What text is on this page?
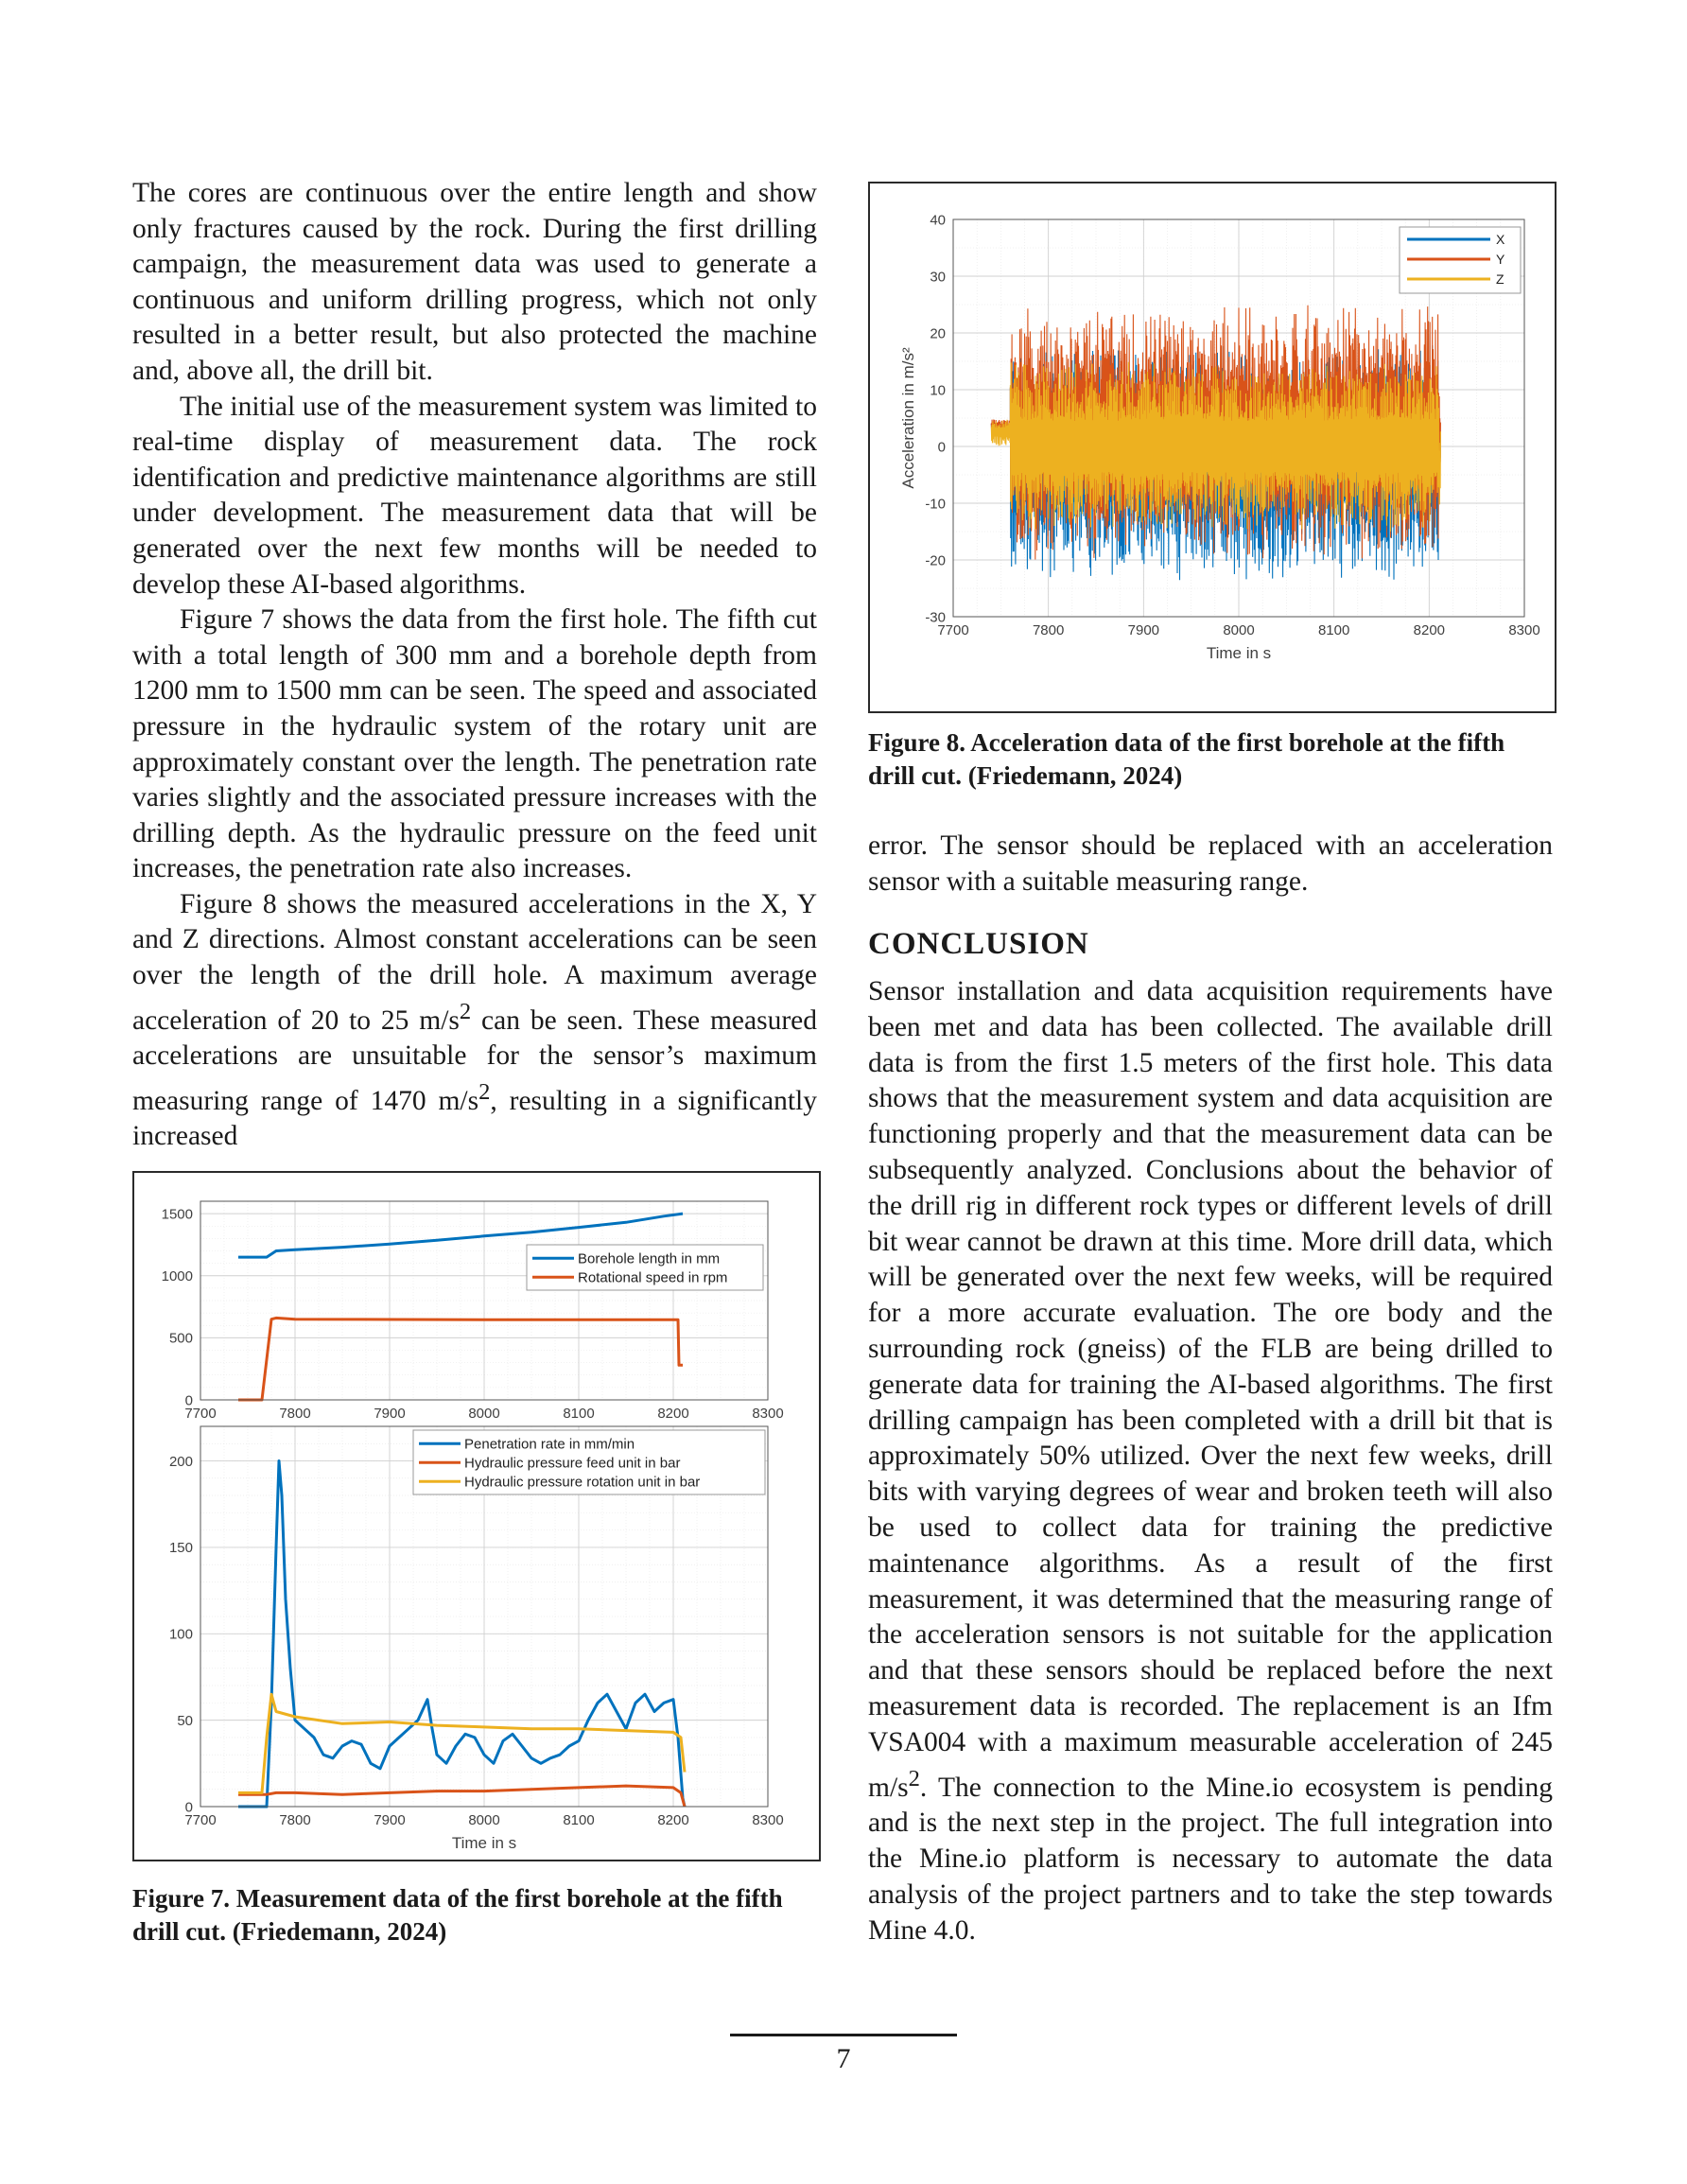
The cores are continuous over the entire length and show only fractures caused by the rock. During the first drilling campaign, the measurement data was used to generate a continuous and uniform drilling progress, which not only resulted in a better result, but also protected the machine and, above all, the drill bit.

The initial use of the measurement system was limited to real-time display of measurement data. The rock identification and predictive maintenance algorithms are still under development. The measurement data that will be generated over the next few months will be needed to develop these AI-based algorithms.

Figure 7 shows the data from the first hole. The fifth cut with a total length of 300 mm and a borehole depth from 1200 mm to 1500 mm can be seen. The speed and associated pressure in the hydraulic system of the rotary unit are approximately constant over the length. The penetration rate varies slightly and the associated pressure increases with the drilling depth. As the hydraulic pressure on the feed unit increases, the penetration rate also increases.

Figure 8 shows the measured accelerations in the X, Y and Z directions. Almost constant accelerations can be seen over the length of the drill hole. A maximum average acceleration of 20 to 25 $m/s^2$ can be seen. These measured accelerations are unsuitable for the sensor’s maximum measuring range of 1470 $m/s^2$, resulting in a significantly increased

7700	7800	7900	8000	8100	8200	8300
-30
-20
-10
0
10
20
30
40
X
Y
Z
Time in s
Acceleration in m/s²
Figure 8. Acceleration data of the first borehole at the fifth drill cut. (Friedemann, 2024)

error. The sensor should be replaced with an acceleration sensor with a suitable measuring range.

CONCLUSION

Sensor installation and data acquisition requirements have been met and data has been collected. The available drill data is from the first 1.5 meters of the first hole. This data shows that the measurement system and data acquisition are functioning properly and that the measurement data can be subsequently analyzed. Conclusions about the behavior of the drill rig in different rock types or different levels of drill bit wear cannot be drawn at this time. More drill data, which will be generated over the next few weeks, will be required for a more accurate evaluation. The ore body and the surrounding rock (gneiss) of the FLB are being drilled to generate data for training the AI-based algorithms. The first drilling campaign has been completed with a drill bit that is approximately 50% utilized. Over the next few weeks, drill bits with varying degrees of wear and broken teeth will also be used to collect data for training the predictive maintenance algorithms. As a result of the first measurement, it was determined that the measuring range of the acceleration sensors is not suitable for the application and that these sensors should be replaced before the next measurement data is recorded. The replacement is an Ifm VSA004 with a maximum measurable acceleration of 245 $m/s^2$. The connection to the Mine.io ecosystem is pending and is the next step in the project. The full integration into the Mine.io platform is necessary to automate the data analysis of the project partners and to take the step towards Mine 4.0.

7700	7800	7900	8000	8100	8200	8300
0
500
1000
1500
Borehole length in mm
Rotational speed in rpm
7700	7800	7900	8000	8100	8200	8300
0
50
100
150
200
Penetration rate in mm/min
Hydraulic pressure feed unit in bar
Hydraulic pressure rotation unit in bar
Time in s
Figure 7. Measurement data of the first borehole at the fifth drill cut. (Friedemann, 2024)
7
